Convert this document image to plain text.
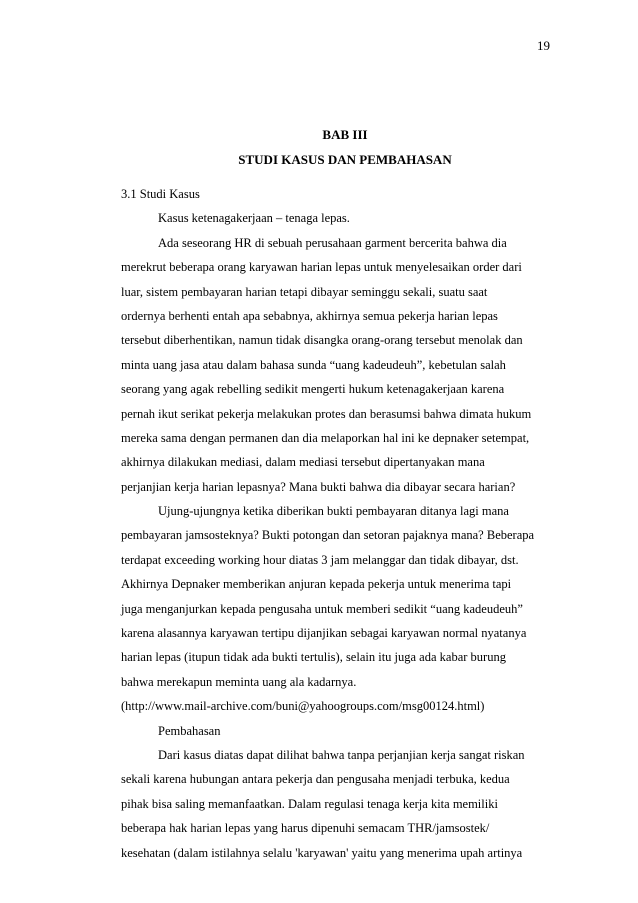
19
BAB III
STUDI KASUS DAN PEMBAHASAN
3.1 Studi Kasus
Kasus ketenagakerjaan – tenaga lepas.
Ada seseorang HR di sebuah perusahaan garment bercerita bahwa dia
merekrut beberapa orang karyawan harian lepas untuk menyelesaikan order dari
luar, sistem pembayaran harian tetapi dibayar seminggu sekali, suatu saat
ordernya berhenti entah apa sebabnya, akhirnya semua pekerja harian lepas
tersebut diberhentikan, namun tidak disangka orang-orang tersebut menolak dan
minta uang jasa atau dalam bahasa sunda “uang kadeudeuh”, kebetulan salah
seorang yang agak rebelling sedikit mengerti hukum ketenagakerjaan karena
pernah ikut serikat pekerja melakukan protes dan berasumsi bahwa dimata hukum
mereka sama dengan permanen dan dia melaporkan hal ini ke depnaker setempat,
akhirnya dilakukan mediasi, dalam mediasi tersebut dipertanyakan mana
perjanjian kerja harian lepasnya? Mana bukti bahwa dia dibayar secara harian?
Ujung-ujungnya ketika diberikan bukti pembayaran ditanya lagi mana
pembayaran jamsosteknya? Bukti potongan dan setoran pajaknya mana? Beberapa
terdapat exceeding working hour diatas 3 jam melanggar dan tidak dibayar, dst.
Akhirnya Depnaker memberikan anjuran kepada pekerja untuk menerima tapi
juga menganjurkan kepada pengusaha untuk memberi sedikit “uang kadeudeuh”
karena alasannya karyawan tertipu dijanjikan sebagai karyawan normal nyatanya
harian lepas (itupun tidak ada bukti tertulis), selain itu juga ada kabar burung
bahwa merekapun meminta uang ala kadarnya.
(http://www.mail-archive.com/buni@yahoogroups.com/msg00124.html)
Pembahasan
Dari kasus diatas dapat dilihat bahwa tanpa perjanjian kerja sangat riskan
sekali karena hubungan antara pekerja dan pengusaha menjadi terbuka, kedua
pihak bisa saling memanfaatkan. Dalam regulasi tenaga kerja kita memiliki
beberapa hak harian lepas yang harus dipenuhi semacam THR/jamsostek/
kesehatan (dalam istilahnya selalu 'karyawan' yaitu yang menerima upah artinya
